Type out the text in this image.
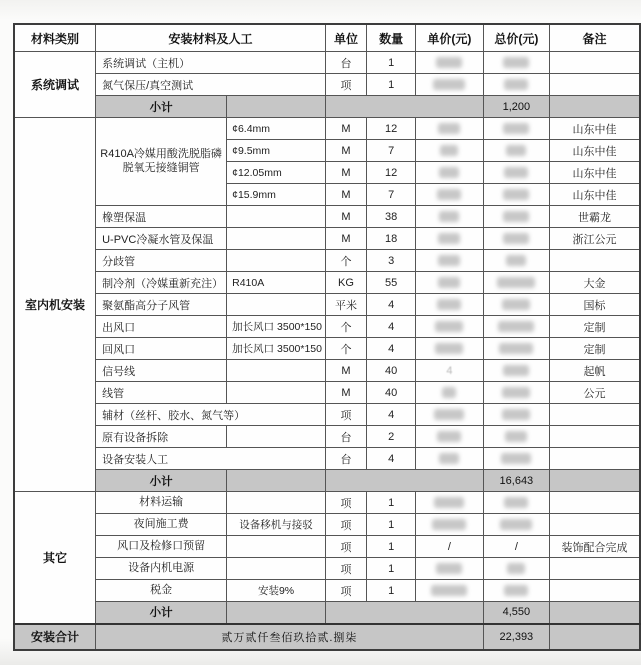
材料类别	安装材料及人工		单位	数量	单价(元)	总价(元)	备注
系统调试	系统调试（主机）		台	1			
	氮气保压/真空测试		项	1			
	小计					1,200	
室内机安装	R410A冷媒用酸洗脱脂磷脱氧无接缝铜管	¢6.4mm	M	12			山东中佳
		¢9.5mm	M	7			山东中佳
		¢12.05mm	M	12			山东中佳
		¢15.9mm	M	7			山东中佳
	橡塑保温		M	38			世霸龙
	U-PVC冷凝水管及保温		M	18			浙江公元
	分歧管		个	3			
	制冷剂（冷媒重新充注）	R410A	KG	55			大金
	聚氨酯高分子风管		平米	4			国标
	出风口	加长风口 3500*150	个	4			定制
	回风口	加长风口 3500*150	个	4			定制
	信号线		M	40	4		起帆
	线管		M	40			公元
	辅材（丝杆、胶水、氮气等）		项	4			
	原有设备拆除		台	2			
	设备安装人工		台	4			
	小计					16,643	
其它	材料运输		项	1			
	夜间施工费	设备移机与接驳	项	1			
	风口及检修口预留		项	1	/	/	装饰配合完成
	设备内机电源		项	1			
	税金	安装9%	项	1			
	小计					4,550	
安装合计	贰万贰仟叁佰玖拾贰.捌柒					22,393	
